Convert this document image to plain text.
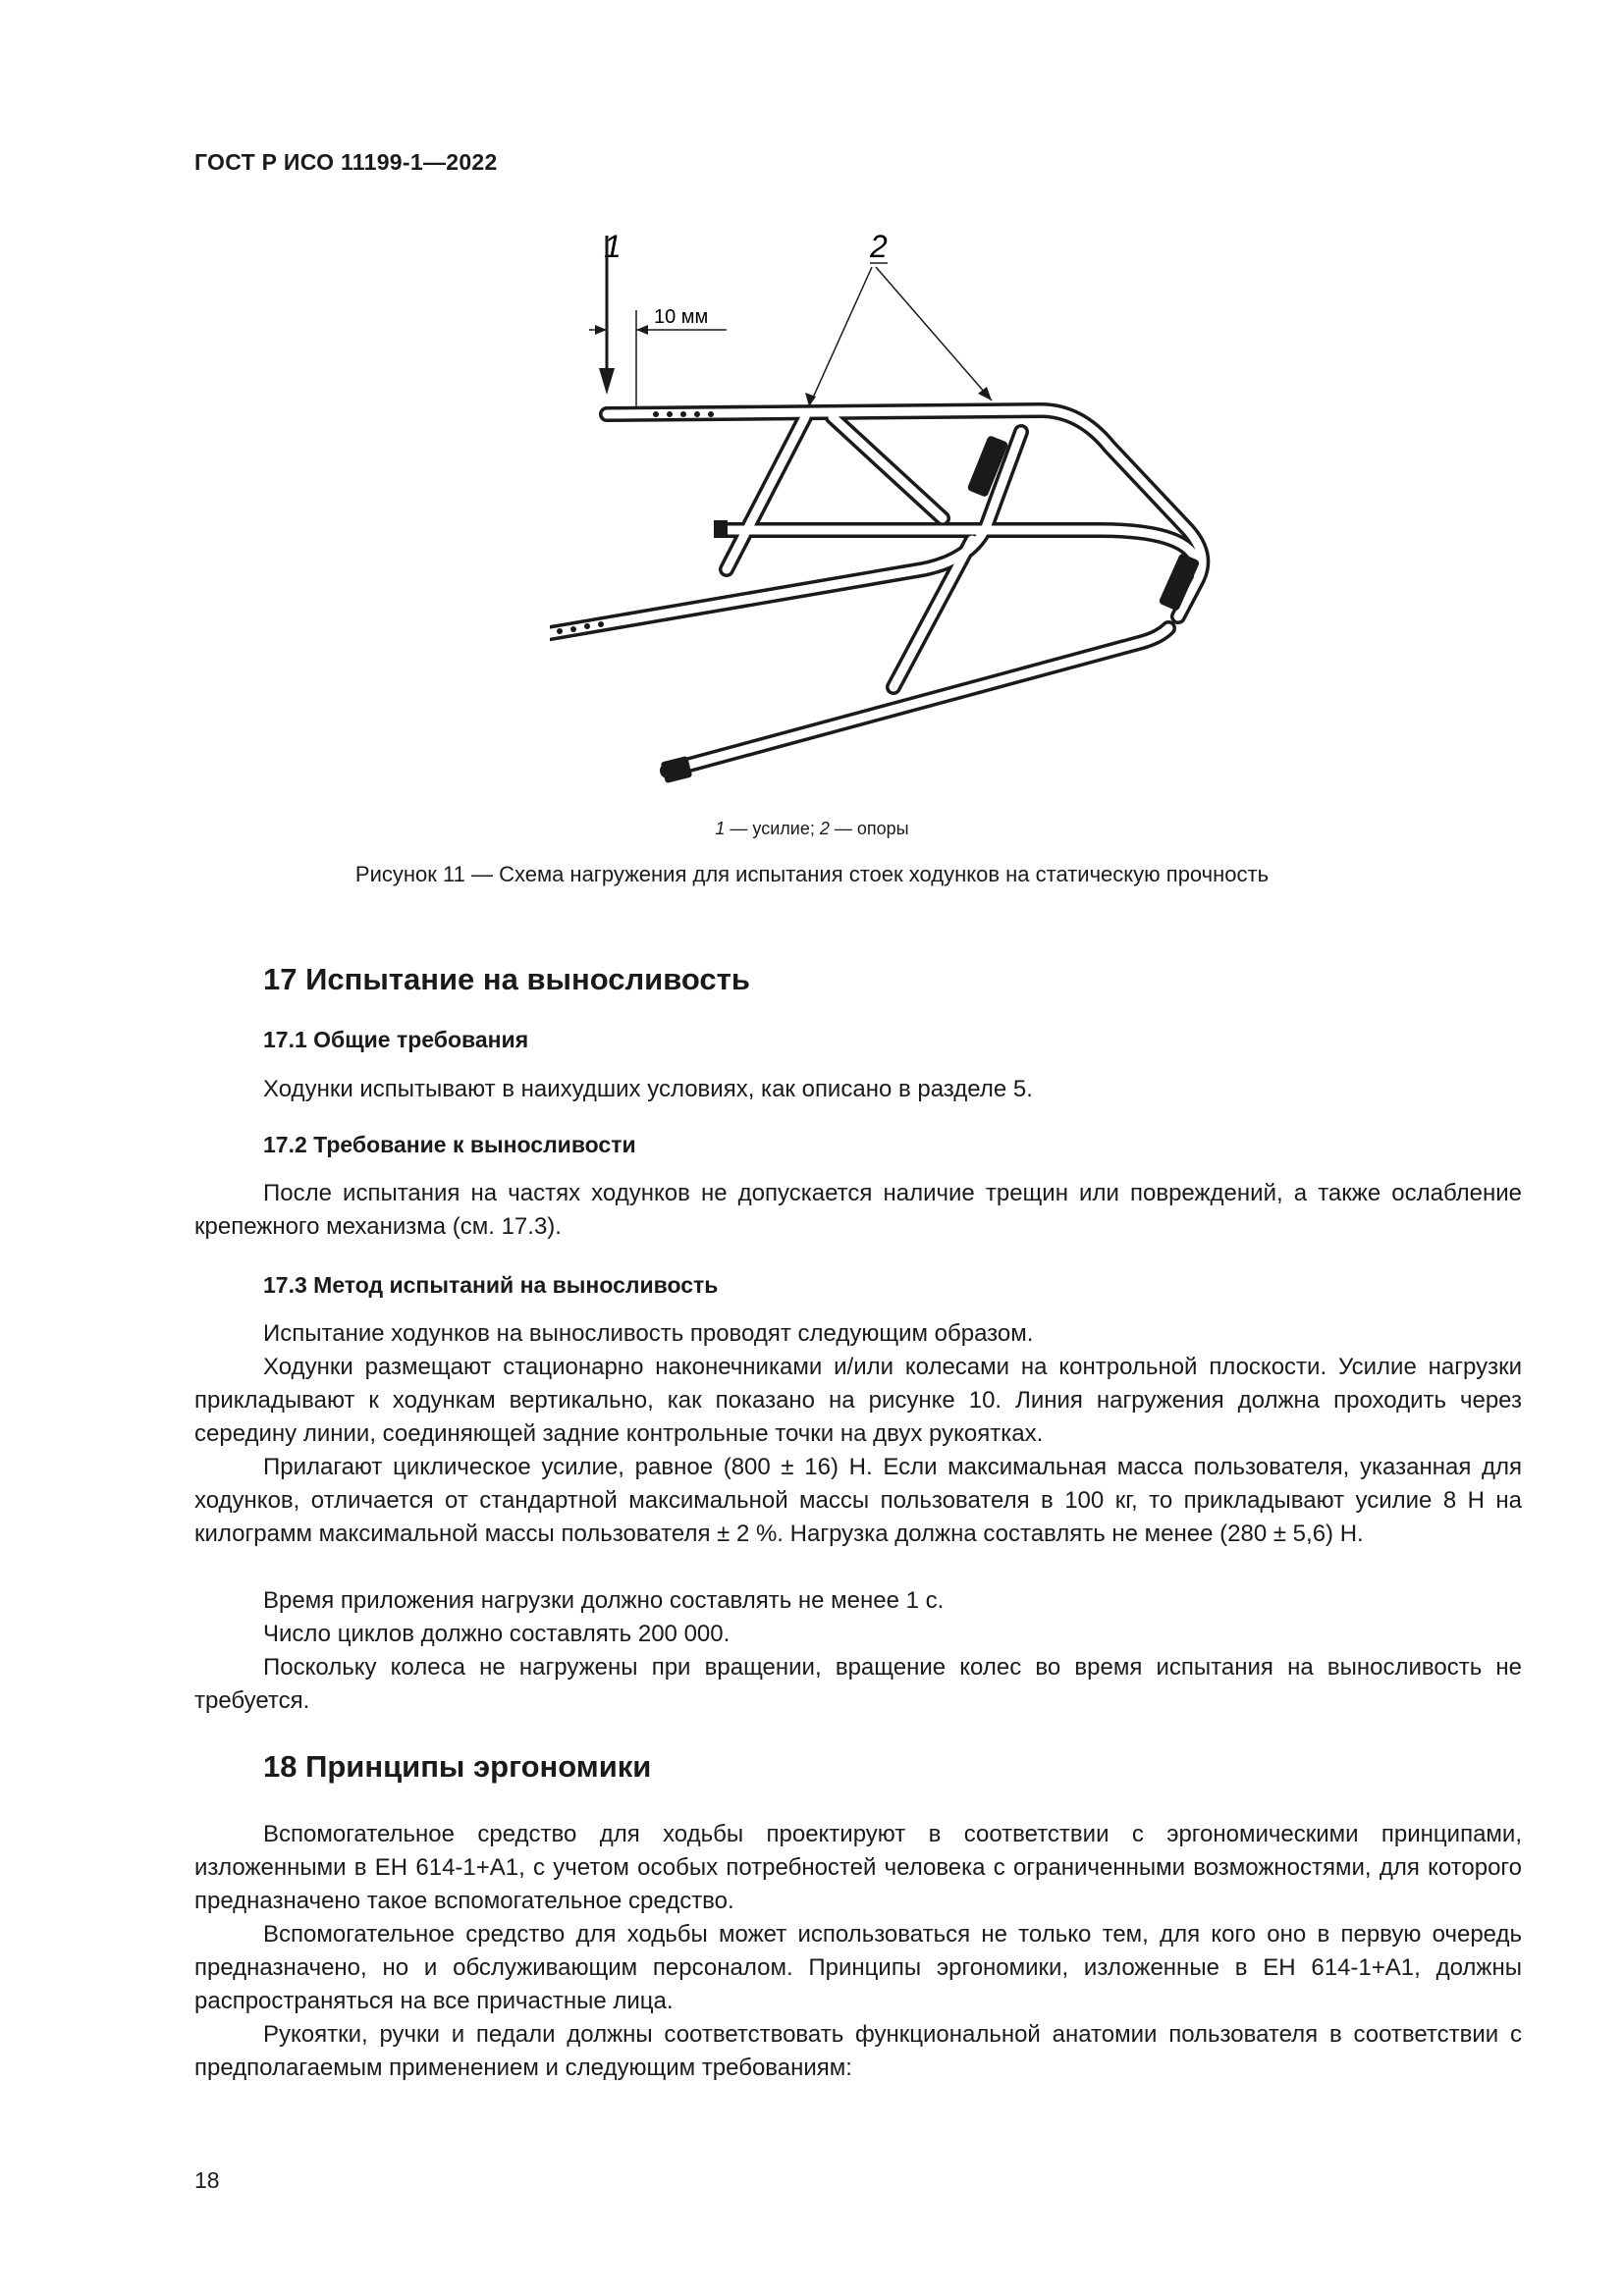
ГОСТ Р ИСО 11199-1—2022
1	2
10 мм
1 — усилие; 2 — опоры
Рисунок 11 — Схема нагружения для испытания стоек ходунков на статическую прочность
17 Испытание на выносливость
17.1 Общие требования

Ходунки испытывают в наихудших условиях, как описано в разделе 5.

17.2 Требование к выносливости

После испытания на частях ходунков не допускается наличие трещин или повреждений, а также ослабление крепежного механизма (см. 17.3).

17.3 Метод испытаний на выносливость

Испытание ходунков на выносливость проводят следующим образом.

Ходунки размещают стационарно наконечниками и/или колесами на контрольной плоскости. Усилие нагрузки прикладывают к ходункам вертикально, как показано на рисунке 10. Линия нагружения должна проходить через середину линии, соединяющей задние контрольные точки на двух рукоятках.

Прилагают циклическое усилие, равное (800 ± 16) Н. Если максимальная масса пользователя, указанная для ходунков, отличается от стандартной максимальной массы пользователя в 100 кг, то прикладывают усилие 8 Н на килограмм максимальной массы пользователя ± 2 %. Нагрузка должна составлять не менее (280 ± 5,6) Н.

Время приложения нагрузки должно составлять не менее 1 с.

Число циклов должно составлять 200 000.

Поскольку колеса не нагружены при вращении, вращение колес во время испытания на выносливость не требуется.

18 Принципы эргономики

Вспомогательное средство для ходьбы проектируют в соответствии с эргономическими принципами, изложенными в ЕН 614-1+А1, с учетом особых потребностей человека с ограниченными возможностями, для которого предназначено такое вспомогательное средство.

Вспомогательное средство для ходьбы может использоваться не только тем, для кого оно в первую очередь предназначено, но и обслуживающим персоналом. Принципы эргономики, изложенные в ЕН 614-1+А1, должны распространяться на все причастные лица.

Рукоятки, ручки и педали должны соответствовать функциональной анатомии пользователя в соответствии с предполагаемым применением и следующим требованиям:

18
